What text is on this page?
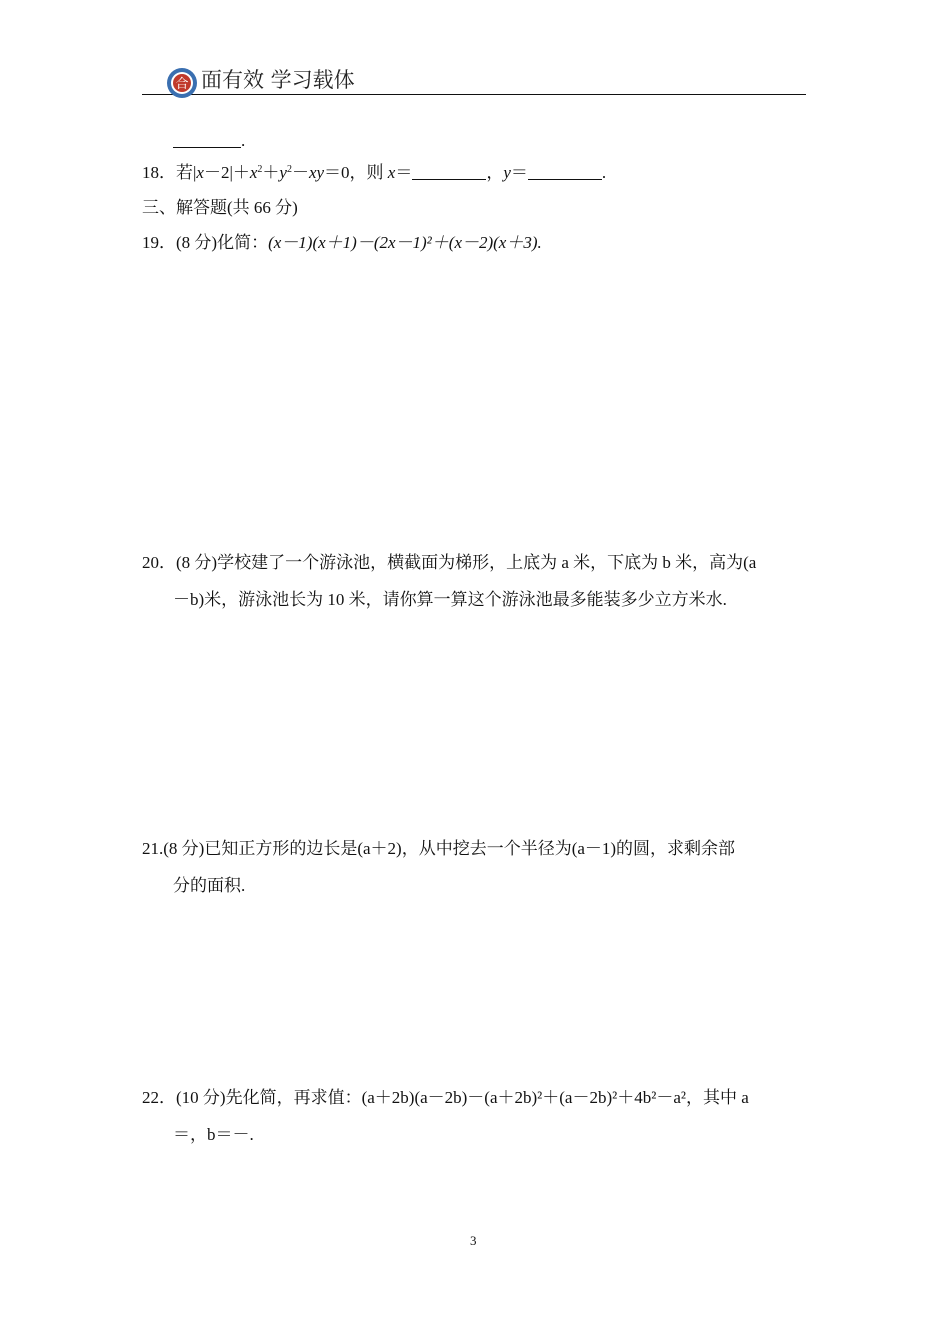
合 面有效 学习载体
.
18．若$|x-2|+x^2+y^2-xy=0$，则 x＝	，y＝	.
三、解答题(共 66 分)
19．(8 分)化简：(x－1)(x＋1)－(2x－1)²＋(x－2)(x＋3).
20．(8 分)学校建了一个游泳池，横截面为梯形，上底为 a 米，下底为 b 米，高为(a
－b)米，游泳池长为 10 米，请你算一算这个游泳池最多能装多少立方米水.
21.(8 分)已知正方形的边长是(a＋2)，从中挖去一个半径为(a－1)的圆，求剩余部
分的面积.
22．(10 分)先化简，再求值：(a＋2b)(a－2b)－(a＋2b)²＋(a－2b)²＋4b²－a²，其中 a
＝，b＝－.
3
